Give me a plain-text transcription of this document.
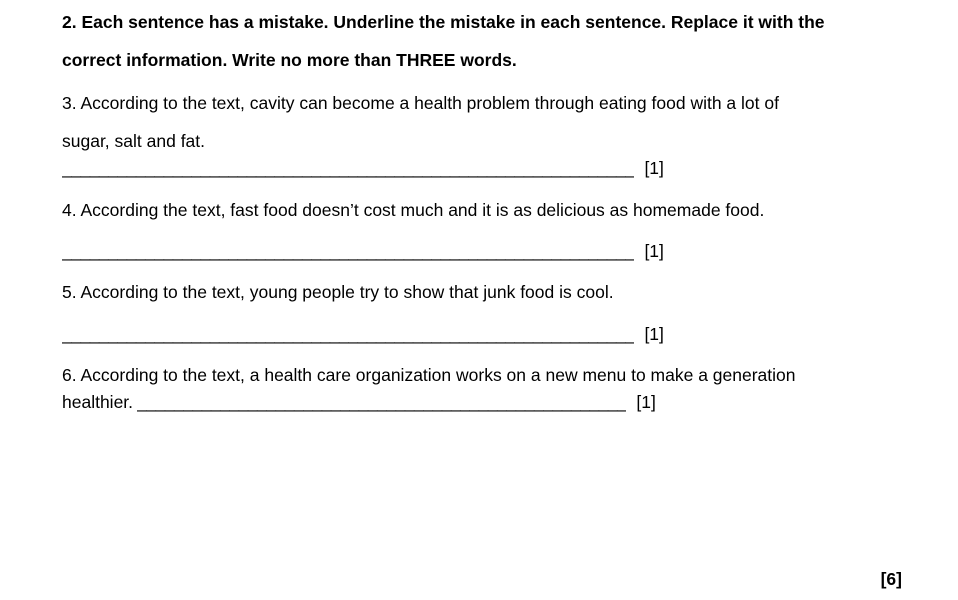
2. Each sentence has a mistake. Underline the mistake in each sentence. Replace it with the

correct information. Write no more than THREE words.

3. According to the text, cavity can become a health problem through eating food with a lot of

sugar, salt and fat.

______________________________________________________________ [1]

4. According the text, fast food doesn’t cost much and it is as delicious as homemade food.

______________________________________________________________ [1]

5. According to the text, young people try to show that junk food is cool.

______________________________________________________________ [1]

6. According to the text, a health care organization works on a new menu to make a generation

healthier. _____________________________________________________ [1]
[6]
